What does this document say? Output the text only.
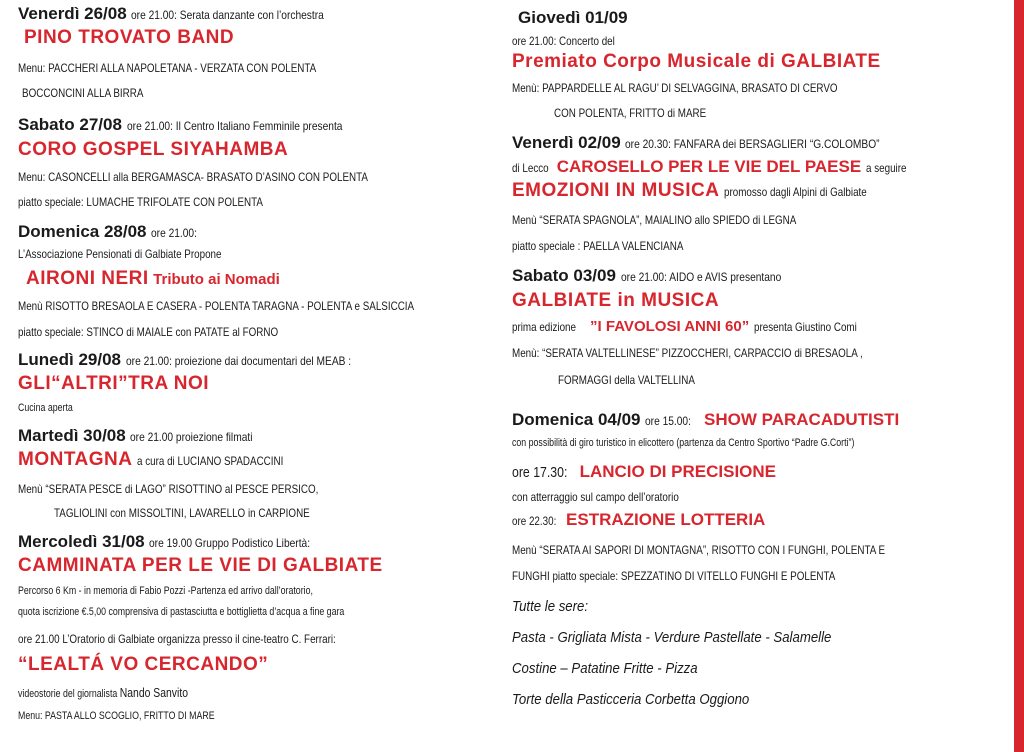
Venerdì 26/08 ore 21.00: Serata danzante con l’orchestra
PINO TROVATO BAND
Menu: PACCHERI ALLA NAPOLETANA - VERZATA CON POLENTA
BOCCONCINI ALLA BIRRA
Sabato 27/08 ore 21.00: Il Centro Italiano Femminile presenta
CORO GOSPEL SIYAHAMBA
Menu: CASONCELLI alla BERGAMASCA- BRASATO D’ASINO CON POLENTA
piatto speciale: LUMACHE TRIFOLATE CON POLENTA
Domenica 28/08 ore 21.00:
L’Associazione Pensionati di Galbiate Propone
AIRONI NERI Tributo ai Nomadi
Menù RISOTTO BRESAOLA E CASERA - POLENTA TARAGNA - POLENTA e SALSICCIA
piatto speciale: STINCO di MAIALE con PATATE al FORNO
Lunedì 29/08 ore 21.00: proiezione dai documentari del MEAB :
GLI“ALTRI”TRA NOI
Cucina aperta
Martedì 30/08 ore 21.00 proiezione filmati
MONTAGNA a cura di LUCIANO SPADACCINI
Menù “SERATA PESCE di LAGO” RISOTTINO al PESCE PERSICO,
TAGLIOLINI con MISSOLTINI, LAVARELLO in CARPIONE
Mercoledì 31/08 ore 19.00 Gruppo Podistico Libertà:
CAMMINATA PER LE VIE DI GALBIATE
Percorso 6 Km - in memoria di Fabio Pozzi -Partenza ed arrivo dall’oratorio,
quota iscrizione €.5,00 comprensiva di pastasciutta e bottiglietta d’acqua a fine gara
ore 21.00 L’Oratorio di Galbiate organizza presso il cine-teatro C. Ferrari:
“LEALTÁ VO CERCANDO”
videostorie del giornalista Nando Sanvito
Menu: PASTA ALLO SCOGLIO, FRITTO DI MARE
Giovedì 01/09
ore 21.00: Concerto del
Premiato Corpo Musicale di GALBIATE
Menù: PAPPARDELLE AL RAGU’ DI SELVAGGINA, BRASATO DI CERVO
CON POLENTA, FRITTO di MARE
Venerdì 02/09 ore 20.30: FANFARA dei BERSAGLIERI “G.COLOMBO”
di Lecco CAROSELLO PER LE VIE DEL PAESE a seguire
EMOZIONI IN MUSICA promosso dagli Alpini di Galbiate
Menù “SERATA SPAGNOLA”, MAIALINO allo SPIEDO di LEGNA
piatto speciale : PAELLA VALENCIANA
Sabato 03/09 ore 21.00: AIDO e AVIS presentano
GALBIATE in MUSICA
prima edizione ”I FAVOLOSI ANNI 60” presenta Giustino Comi
Menù: “SERATA VALTELLINESE” PIZZOCCHERI, CARPACCIO di BRESAOLA ,
FORMAGGI della VALTELLINA
Domenica 04/09 ore 15.00: SHOW PARACADUTISTI
con possibilità di giro turistico in elicottero (partenza da Centro Sportivo “Padre G.Corti”)
ore 17.30: LANCIO DI PRECISIONE
con atterraggio sul campo dell’oratorio
ore 22.30: ESTRAZIONE LOTTERIA
Menù “SERATA AI SAPORI DI MONTAGNA”, RISOTTO CON I FUNGHI, POLENTA E
FUNGHI piatto speciale: SPEZZATINO DI VITELLO FUNGHI E POLENTA
Tutte le sere:
Pasta - Grigliata Mista - Verdure Pastellate - Salamelle
Costine – Patatine Fritte - Pizza
Torte della Pasticceria Corbetta Oggiono
